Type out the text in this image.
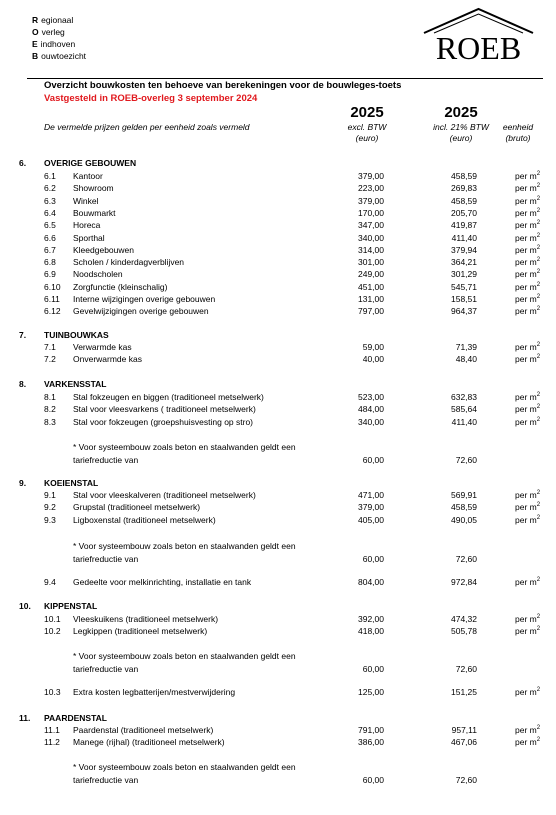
R egionaal
O verleg
E indhoven
B ouwtoezicht	ROEB
Overzicht bouwkosten ten behoeve van berekeningen voor de bouwleges-toets
Vastgesteld in ROEB-overleg 3 september 2024
2025	2025
excl. BTW
(euro)
incl. 21% BTW
(euro)
eenheid
(bruto)
De vermelde prijzen gelden per eenheid zoals vermeld
6. OVERIGE GEBOUWEN
7. TUINBOUWKAS
8. VARKENSSTAL
9. KOEIENSTAL
10. KIPPENSTAL
11. PAARDENSTAL
6.1 Kantoor	379,00	458,59	per $m^2$
6.2 Showroom	223,00	269,83	per $m^2$
6.3 Winkel	379,00	458,59	per $m^2$
6.4 Bouwmarkt	170,00	205,70	per $m^2$
6.5 Horeca	347,00	419,87	per $m^2$
6.6 Sporthal	340,00	411,40	per $m^2$
6.7 Kleedgebouwen	314,00	379,94	per $m^2$
6.8 Scholen / kinderdagverblijven	301,00	364,21	per $m^2$
6.9 Noodscholen	249,00	301,29	per $m^2$
6.10 Zorgfunctie (kleinschalig)	451,00	545,71	per $m^2$
6.11 Interne wijzigingen overige gebouwen	131,00	158,51	per $m^2$
6.12 Gevelwijzigingen overige gebouwen	797,00	964,37	per $m^2$
7.1 Verwarmde kas	59,00	71,39	per $m^2$
7.2 Onverwarmde kas	40,00	48,40	per $m^2$
8.1 Stal fokzeugen en biggen (traditioneel metselwerk)	523,00	632,83	per $m^2$
8.2 Stal voor vleesvarkens ( traditioneel metselwerk)	484,00	585,64	per $m^2$
8.3 Stal voor fokzeugen (groepshuisvesting op stro)	340,00	411,40	per $m^2$
* Voor systeembouw zoals beton en staalwanden geldt een
tariefreductie van	60,00	72,60
9.1 Stal voor vleeskalveren (traditioneel metselwerk)	471,00	569,91	per $m^2$
9.2 Grupstal (traditioneel metselwerk)	379,00	458,59	per $m^2$
9.3 Ligboxenstal (traditioneel metselwerk)	405,00	490,05	per $m^2$
* Voor systeembouw zoals beton en staalwanden geldt een
tariefreductie van	60,00	72,60
9.4 Gedeelte voor melkinrichting, installatie en tank	804,00	972,84	per $m^2$
10.1 Vleeskuikens (traditioneel metselwerk)	392,00	474,32	per $m^2$
10.2 Legkippen (traditioneel metselwerk)	418,00	505,78	per $m^2$
* Voor systeembouw zoals beton en staalwanden geldt een
tariefreductie van	60,00	72,60
10.3 Extra kosten legbatterijen/mestverwijdering	125,00	151,25	per $m^2$
11.1 Paardenstal (traditioneel metselwerk)	791,00	957,11	per $m^2$
11.2 Manege (rijhal) (traditioneel metselwerk)	386,00	467,06	per $m^2$
* Voor systeembouw zoals beton en staalwanden geldt een
tariefreductie van	60,00	72,60
